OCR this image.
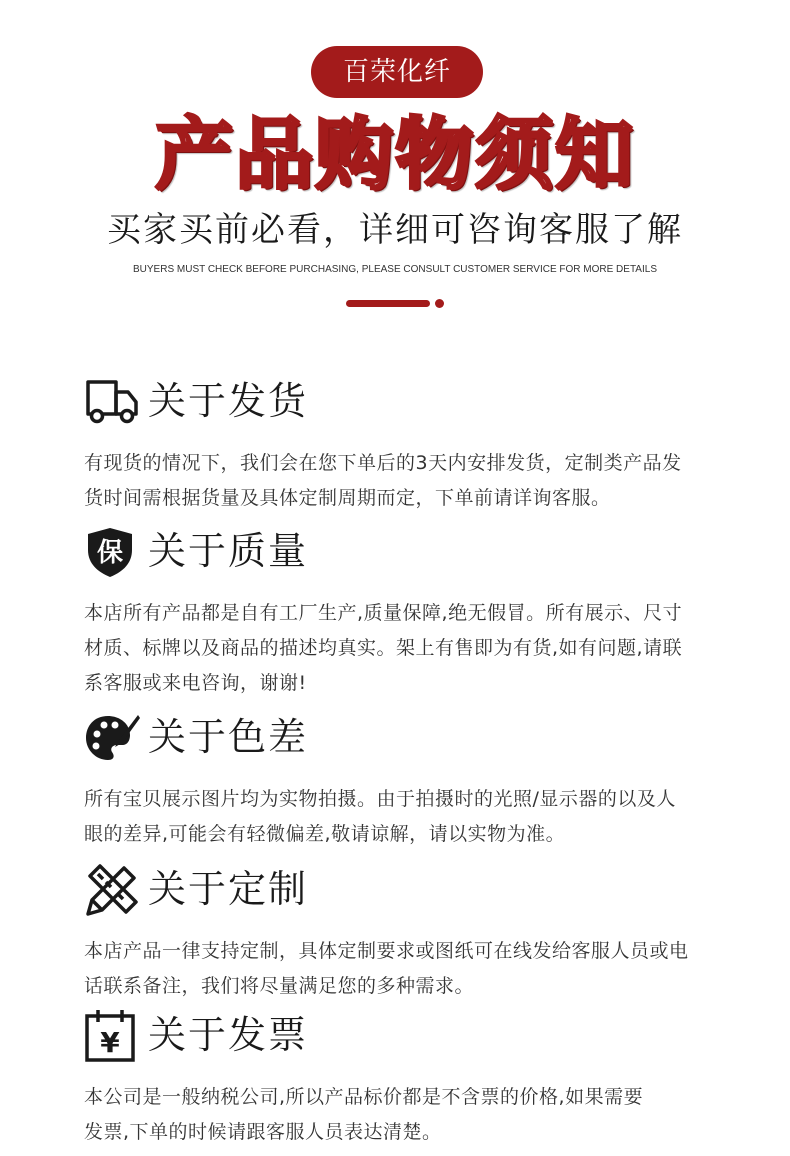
百荣化纤
产品购物须知
买家买前必看，详细可咨询客服了解
BUYERS MUST CHECK BEFORE PURCHASING, PLEASE CONSULT CUSTOMER SERVICE FOR MORE DETAILS
关于发货
有现货的情况下，我们会在您下单后的3天内安排发货，定制类产品发
货时间需根据货量及具体定制周期而定，下单前请详询客服。
保 关于质量
本店所有产品都是自有工厂生产,质量保障,绝无假冒。所有展示、尺寸
材质、标牌以及商品的描述均真实。架上有售即为有货,如有问题,请联
系客服或来电咨询，谢谢!
关于色差
所有宝贝展示图片均为实物拍摄。由于拍摄时的光照/显示器的以及人
眼的差异,可能会有轻微偏差,敬请谅解，请以实物为准。
关于定制
本店产品一律支持定制，具体定制要求或图纸可在线发给客服人员或电
话联系备注，我们将尽量满足您的多种需求。
¥ 关于发票
本公司是一般纳税公司,所以产品标价都是不含票的价格,如果需要
发票,下单的时候请跟客服人员表达清楚。
